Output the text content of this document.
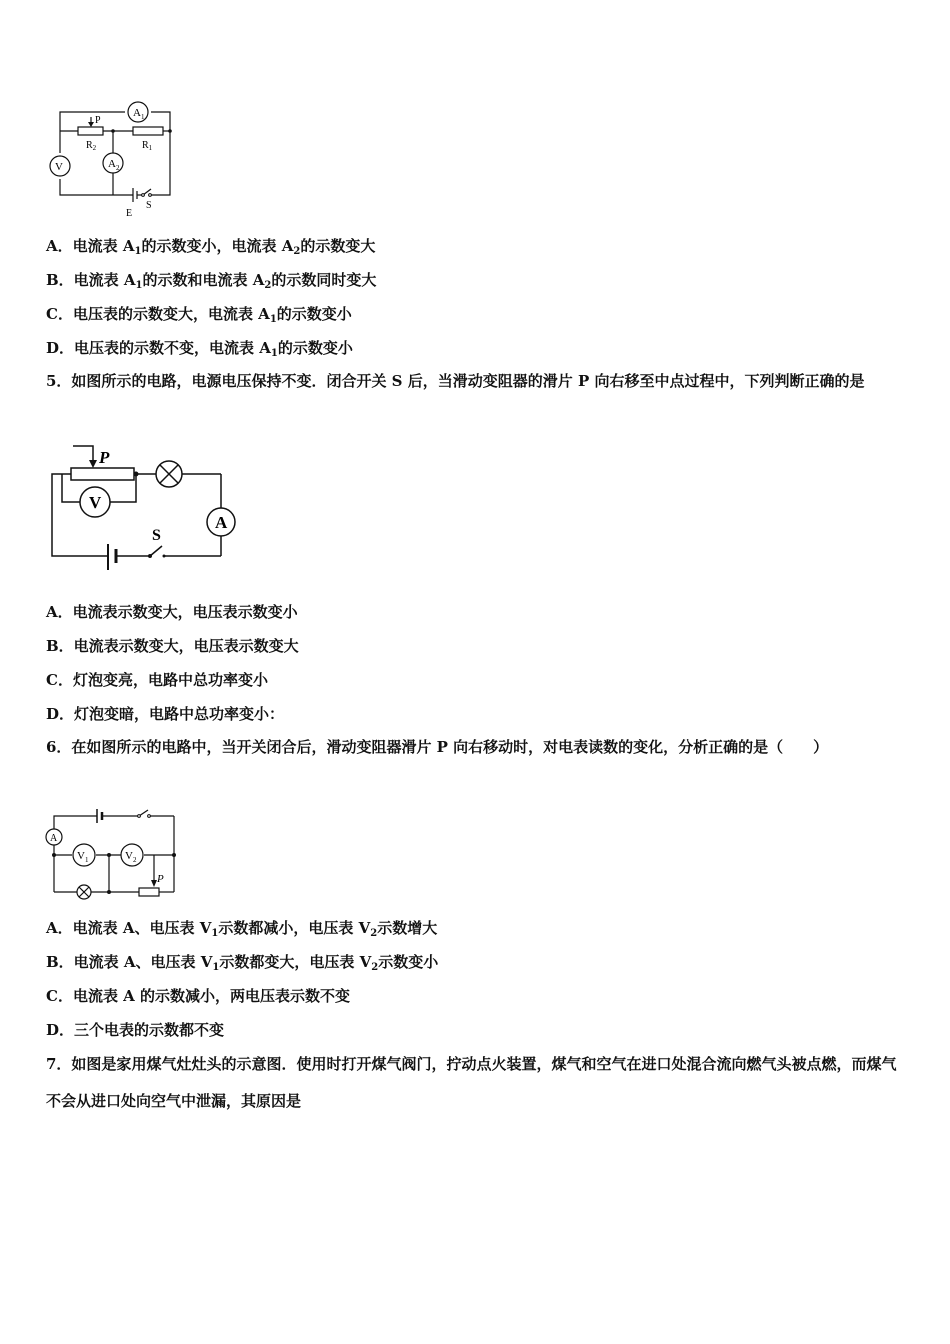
$A_1$
$A_2$
V
P
$R_2$	$R_1$
E
S
A．电流表 $A_1$的示数变小，电流表 $A_2$的示数变大
B．电流表 $A_1$的示数和电流表 $A_2$的示数同时变大
C．电压表的示数变大，电流表 $A_1$的示数变小
D．电压表的示数不变，电流表 $A_1$的示数变小

5．如图所示的电路，电源电压保持不变．闭合开关 S 后，当滑动变阻器的滑片 P 向右移至中点过程中，下列判断正确的是

V
A
P
S
A．电流表示数变大，电压表示数变小
B．电流表示数变大，电压表示数变大
C．灯泡变亮，电路中总功率变小
D．灯泡变暗，电路中总功率变小：

6．在如图所示的电路中，当开关闭合后，滑动变阻器滑片 P 向右移动时，对电表读数的变化，分析正确的是（　　）

A
$V_1$	$V_2$
P
A．电流表 A、电压表 $V_1$示数都减小，电压表 $V_2$示数增大
B．电流表 A、电压表 $V_1$示数都变大，电压表 $V_2$示数变小
C．电流表 A 的示数减小，两电压表示数不变
D．三个电表的示数都不变

7．如图是家用煤气灶灶头的示意图．使用时打开煤气阀门，拧动点火装置，煤气和空气在进口处混合流向燃气头被点燃，而煤气不会从进口处向空气中泄漏，其原因是
